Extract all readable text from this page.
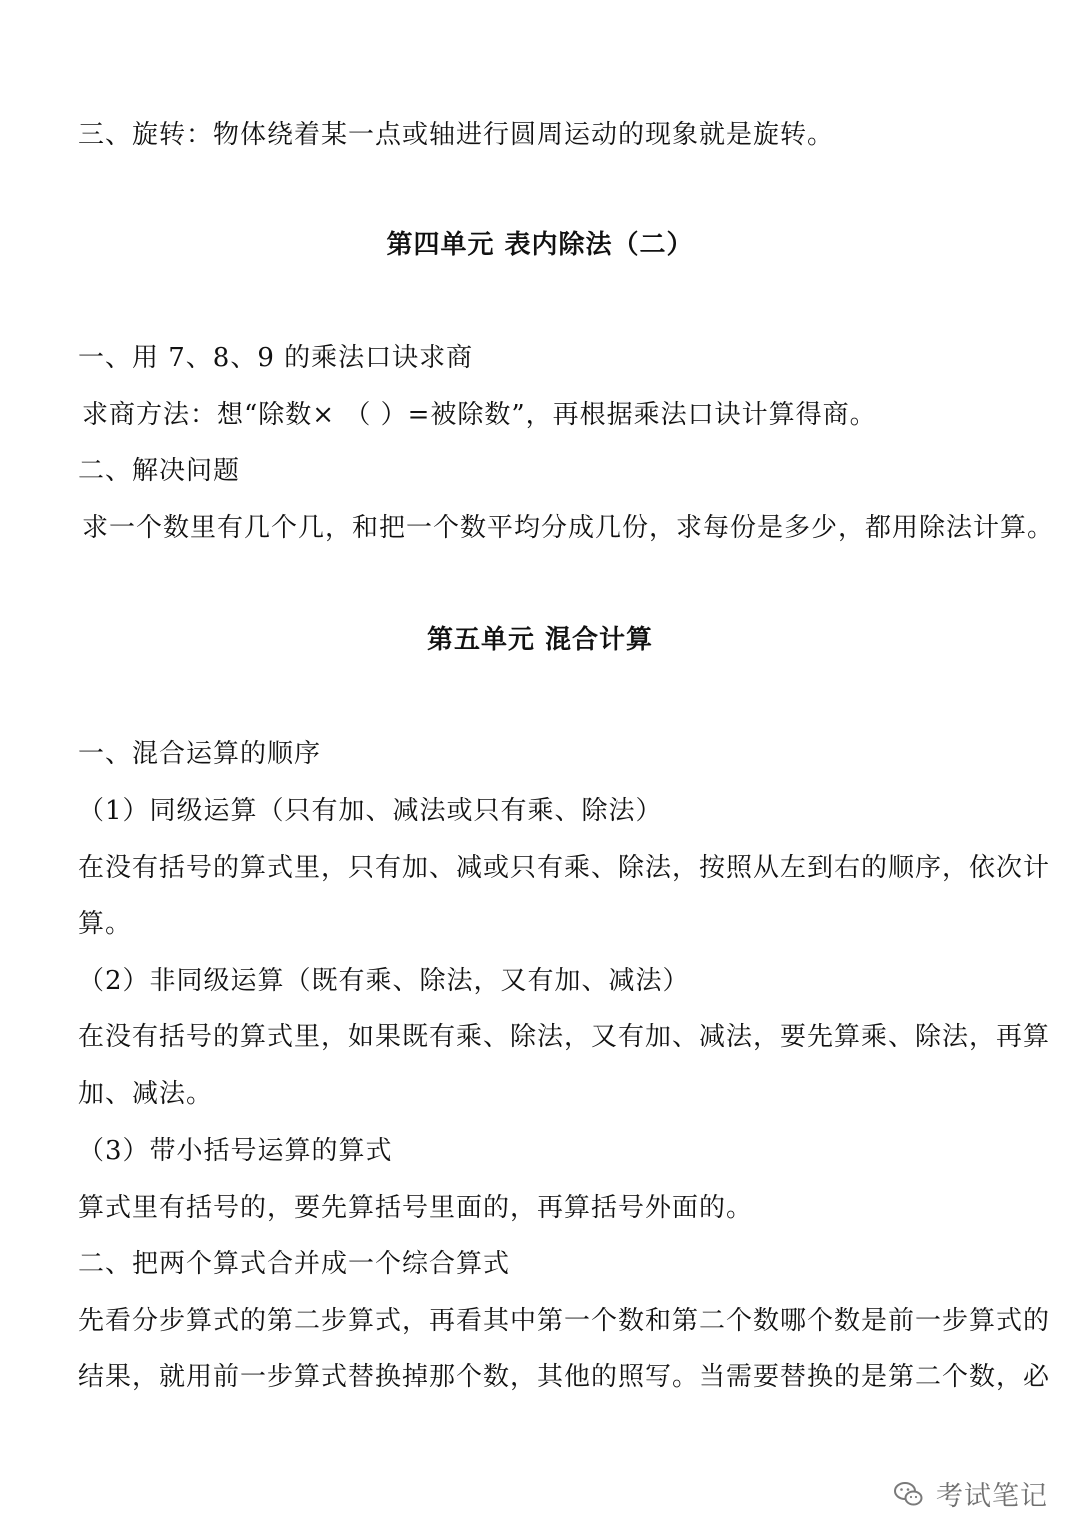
三、旋转：物体绕着某一点或轴进行圆周运动的现象就是旋转。
第四单元 表内除法（二）
一、用 7、8、9 的乘法口诀求商
求商方法：想“除数× （ ）=被除数”，再根据乘法口诀计算得商。
二、解决问题
求一个数里有几个几，和把一个数平均分成几份，求每份是多少，都用除法计算。
第五单元 混合计算
一、混合运算的顺序
（1）同级运算（只有加、减法或只有乘、除法）
在没有括号的算式里，只有加、减或只有乘、除法，按照从左到右的顺序，依次计
算。
（2）非同级运算（既有乘、除法，又有加、减法）
在没有括号的算式里，如果既有乘、除法，又有加、减法，要先算乘、除法，再算
加、减法。
（3）带小括号运算的算式
算式里有括号的，要先算括号里面的，再算括号外面的。
二、把两个算式合并成一个综合算式
先看分步算式的第二步算式，再看其中第一个数和第二个数哪个数是前一步算式的
结果，就用前一步算式替换掉那个数，其他的照写。当需要替换的是第二个数，必
考试笔记
